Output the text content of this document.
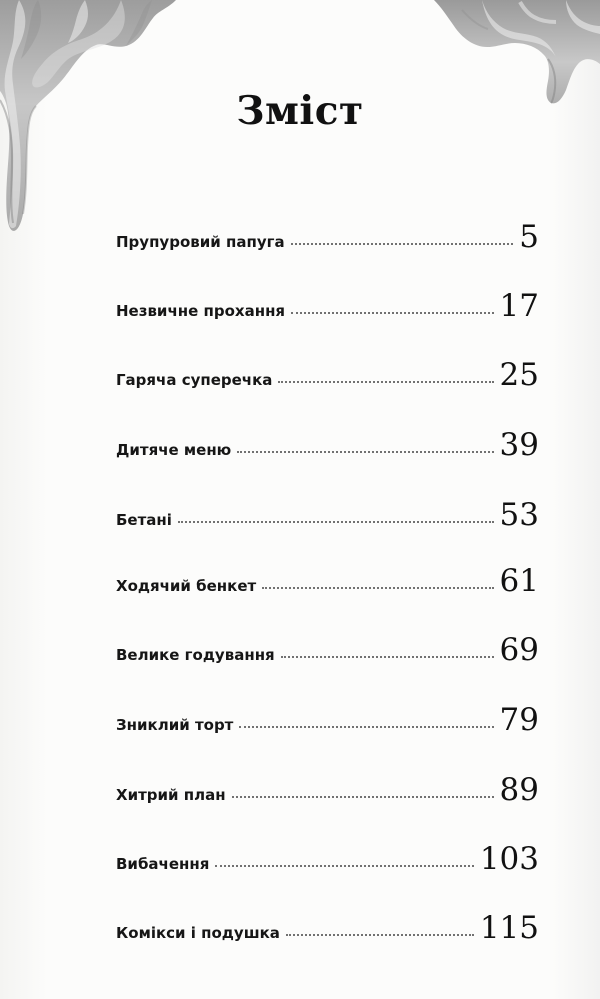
Зміст
Прупуровий папуга	5
Незвичне прохання	17
Гаряча суперечка	25
Дитяче меню	39
Бетані	53
Ходячий бенкет	61
Велике годування	69
Зниклий торт	79
Хитрий план	89
Вибачення	103
Комікси і подушка	115
